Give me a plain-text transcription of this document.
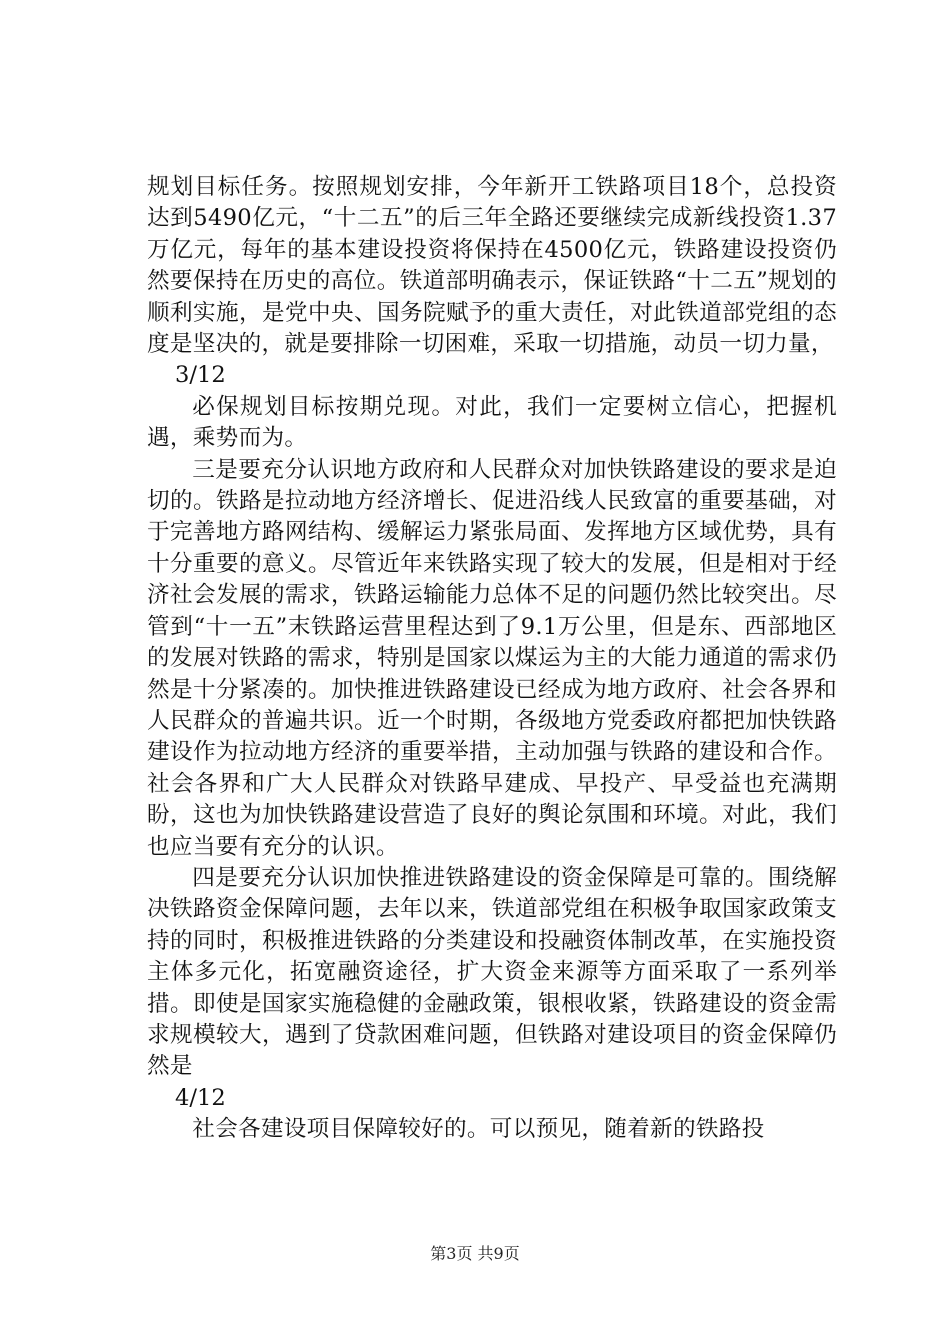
规划目标任务。按照规划安排，今年新开工铁路项目18个，总投资达到5490亿元，“十二五”的后三年全路还要继续完成新线投资1.37万亿元，每年的基本建设投资将保持在4500亿元，铁路建设投资仍然要保持在历史的高位。铁道部明确表示，保证铁路“十二五”规划的顺利实施，是党中央、国务院赋予的重大责任，对此铁道部党组的态度是坚决的，就是要排除一切困难，采取一切措施，动员一切力量，

3/12

必保规划目标按期兑现。对此，我们一定要树立信心，把握机遇，乘势而为。

三是要充分认识地方政府和人民群众对加快铁路建设的要求是迫切的。铁路是拉动地方经济增长、促进沿线人民致富的重要基础，对于完善地方路网结构、缓解运力紧张局面、发挥地方区域优势，具有十分重要的意义。尽管近年来铁路实现了较大的发展，但是相对于经济社会发展的需求，铁路运输能力总体不足的问题仍然比较突出。尽管到“十一五”末铁路运营里程达到了9.1万公里，但是东、西部地区的发展对铁路的需求，特别是国家以煤运为主的大能力通道的需求仍然是十分紧凑的。加快推进铁路建设已经成为地方政府、社会各界和人民群众的普遍共识。近一个时期，各级地方党委政府都把加快铁路建设作为拉动地方经济的重要举措，主动加强与铁路的建设和合作。社会各界和广大人民群众对铁路早建成、早投产、早受益也充满期盼，这也为加快铁路建设营造了良好的舆论氛围和环境。对此，我们也应当要有充分的认识。

四是要充分认识加快推进铁路建设的资金保障是可靠的。围绕解决铁路资金保障问题，去年以来，铁道部党组在积极争取国家政策支持的同时，积极推进铁路的分类建设和投融资体制改革，在实施投资主体多元化，拓宽融资途径，扩大资金来源等方面采取了一系列举措。即使是国家实施稳健的金融政策，银根收紧，铁路建设的资金需求规模较大，遇到了贷款困难问题，但铁路对建设项目的资金保障仍然是

4/12

社会各建设项目保障较好的。可以预见，随着新的铁路投

第3页 共9页
